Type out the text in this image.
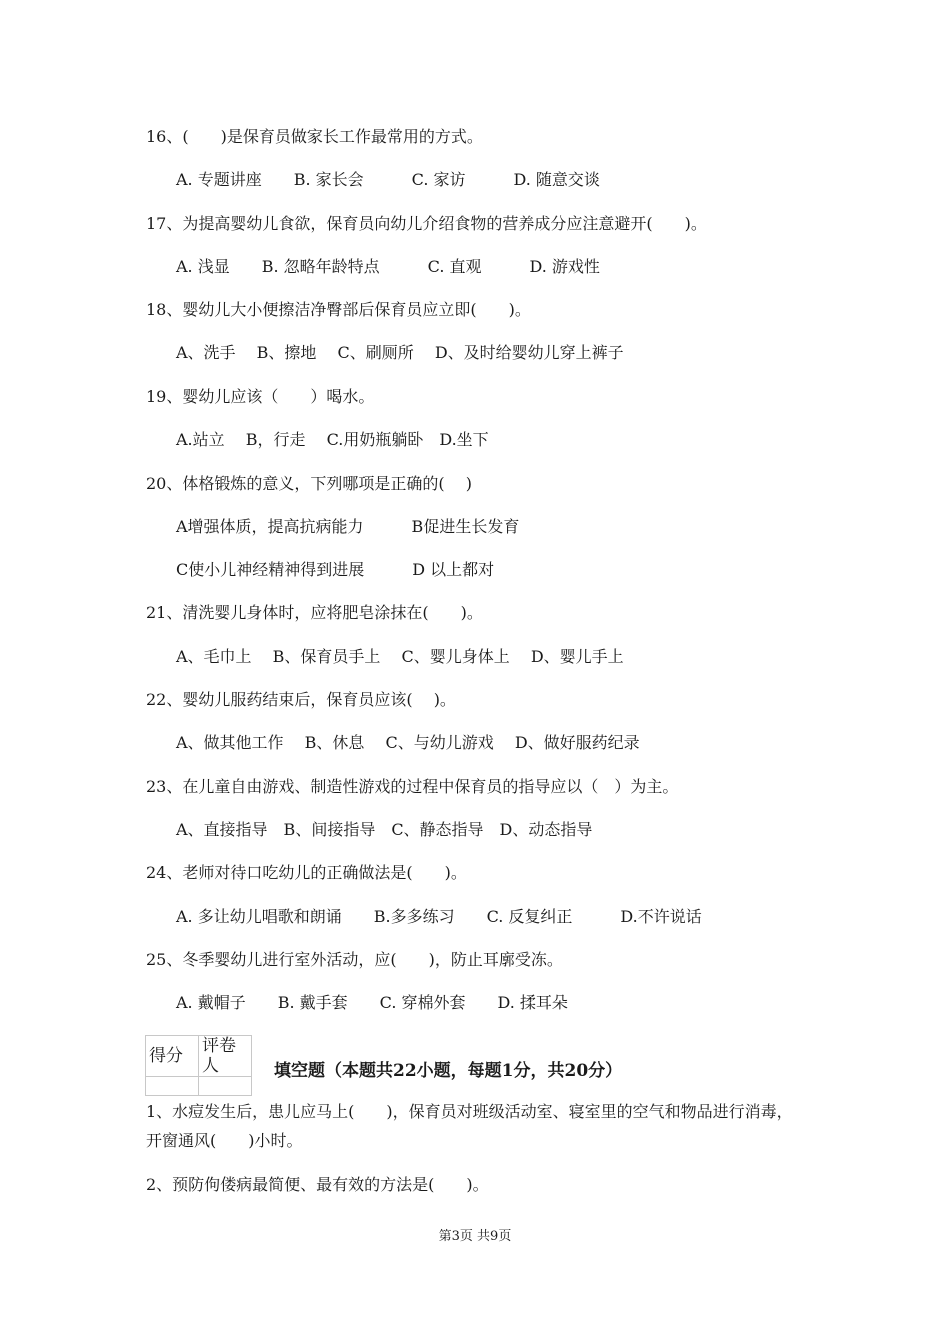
16、(　　)是保育员做家长工作最常用的方式。
A. 专题讲座　　B. 家长会　　　C. 家访　　　D. 随意交谈
17、为提高婴幼儿食欲，保育员向幼儿介绍食物的营养成分应注意避开(　　)。
A. 浅显　　B. 忽略年龄特点　　　C. 直观　　　D. 游戏性
18、婴幼儿大小便擦洁净臀部后保育员应立即(　　)。
A、洗手　 B、擦地　 C、刷厕所　 D、及时给婴幼儿穿上裤子
19、婴幼儿应该（　　）喝水。
A.站立　 B，行走　 C.用奶瓶躺卧　D.坐下
20、体格锻炼的意义，下列哪项是正确的(　 )
A增强体质，提高抗病能力　　　B促进生长发育
C使小儿神经精神得到进展　　　D 以上都对
21、清洗婴儿身体时，应将肥皂涂抹在(　　)。
A、毛巾上　 B、保育员手上　 C、婴儿身体上　 D、婴儿手上
22、婴幼儿服药结束后，保育员应该(　 )。
A、做其他工作　 B、休息　 C、与幼儿游戏　 D、做好服药纪录
23、在儿童自由游戏、制造性游戏的过程中保育员的指导应以（　）为主。
A、直接指导　B、间接指导　C、静态指导　D、动态指导
24、老师对待口吃幼儿的正确做法是(　　)。
A. 多让幼儿唱歌和朗诵　　B.多多练习　　C. 反复纠正　　　D.不许说话
25、冬季婴幼儿进行室外活动，应(　　)，防止耳廓受冻。
A. 戴帽子　　B. 戴手套　　C. 穿棉外套　　D. 揉耳朵
得分	评卷人
		填空题（本题共22小题，每题1分，共20分）
1、水痘发生后，患儿应马上(　　)，保育员对班级活动室、寝室里的空气和物品进行消毒，
开窗通风(　　)小时。
2、预防佝偻病最简便、最有效的方法是(　　)。
第3页 共9页
